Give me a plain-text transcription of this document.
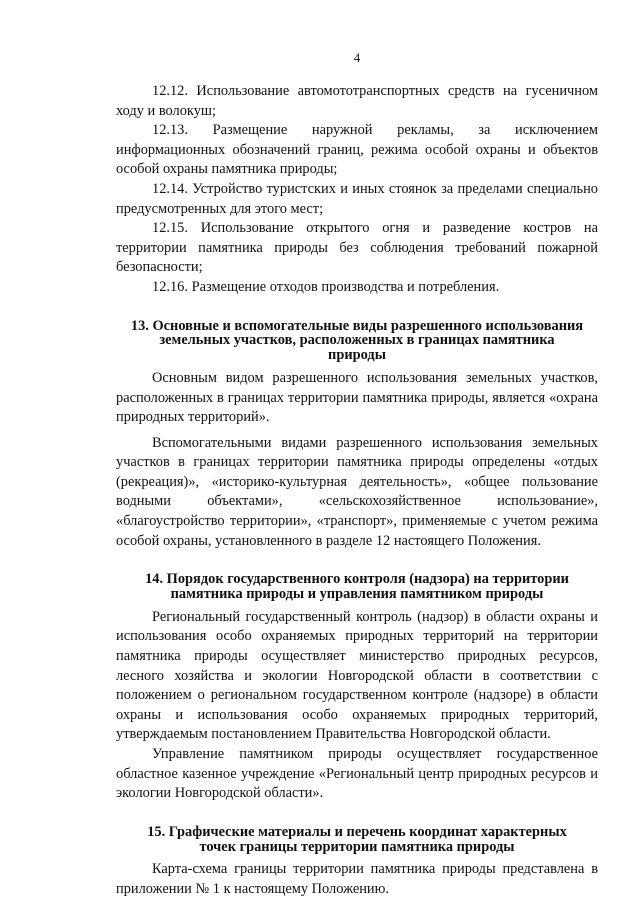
4

12.12. Использование автомототранспортных средств на гусеничном ходу и волокуш;

12.13. Размещение наружной рекламы, за исключением информационных обозначений границ, режима особой охраны и объектов особой охраны памятника природы;

12.14. Устройство туристских и иных стоянок за пределами специально предусмотренных для этого мест;

12.15. Использование открытого огня и разведение костров на территории памятника природы без соблюдения требований пожарной безопасности;

12.16. Размещение отходов производства и потребления.

13. Основные и вспомогательные виды разрешенного использования
земельных участков, расположенных в границах памятника
природы

Основным видом разрешенного использования земельных участков, расположенных в границах территории памятника природы, является «охрана природных территорий».

Вспомогательными видами разрешенного использования земельных участков в границах территории памятника природы определены «отдых (рекреация)», «историко-культурная деятельность», «общее пользование водными объектами», «сельскохозяйственное использование», «благоустройство территории», «транспорт», применяемые с учетом режима особой охраны, установленного в разделе 12 настоящего Положения.

14. Порядок государственного контроля (надзора) на территории
памятника природы и управления памятником природы

Региональный государственный контроль (надзор) в области охраны и использования особо охраняемых природных территорий на территории памятника природы осуществляет министерство природных ресурсов, лесного хозяйства и экологии Новгородской области в соответствии с положением о региональном государственном контроле (надзоре) в области охраны и использования особо охраняемых природных территорий, утверждаемым постановлением Правительства Новгородской области.

Управление памятником природы осуществляет государственное областное казенное учреждение «Региональный центр природных ресурсов и экологии Новгородской области».

15. Графические материалы и перечень координат характерных
точек границы территории памятника природы

Карта-схема границы территории памятника природы представлена в приложении № 1 к настоящему Положению.
